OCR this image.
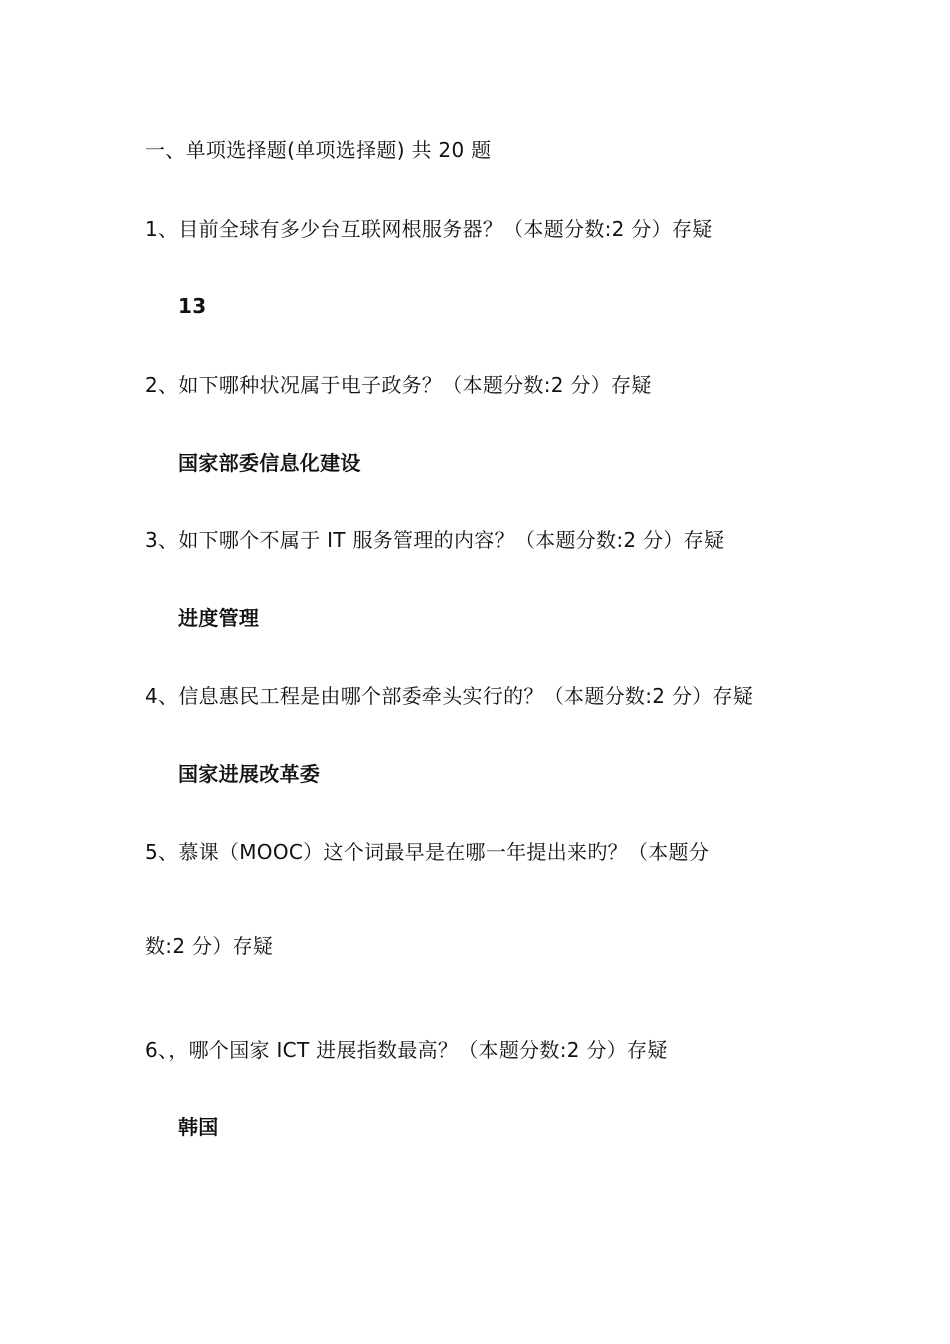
一、单项选择题(单项选择题) 共 20 题
1、目前全球有多少台互联网根服务器？（本题分数:2 分）存疑
13
2、如下哪种状况属于电子政务？（本题分数:2 分）存疑
国家部委信息化建设
3、如下哪个不属于 IT 服务管理的内容？（本题分数:2 分）存疑
进度管理
4、信息惠民工程是由哪个部委牵头实行的？（本题分数:2 分）存疑
国家进展改革委
5、慕课（MOOC）这个词最早是在哪一年提出来旳？（本题分
数:2 分）存疑
6、，哪个国家 ICT 进展指数最高？（本题分数:2 分）存疑
韩国
